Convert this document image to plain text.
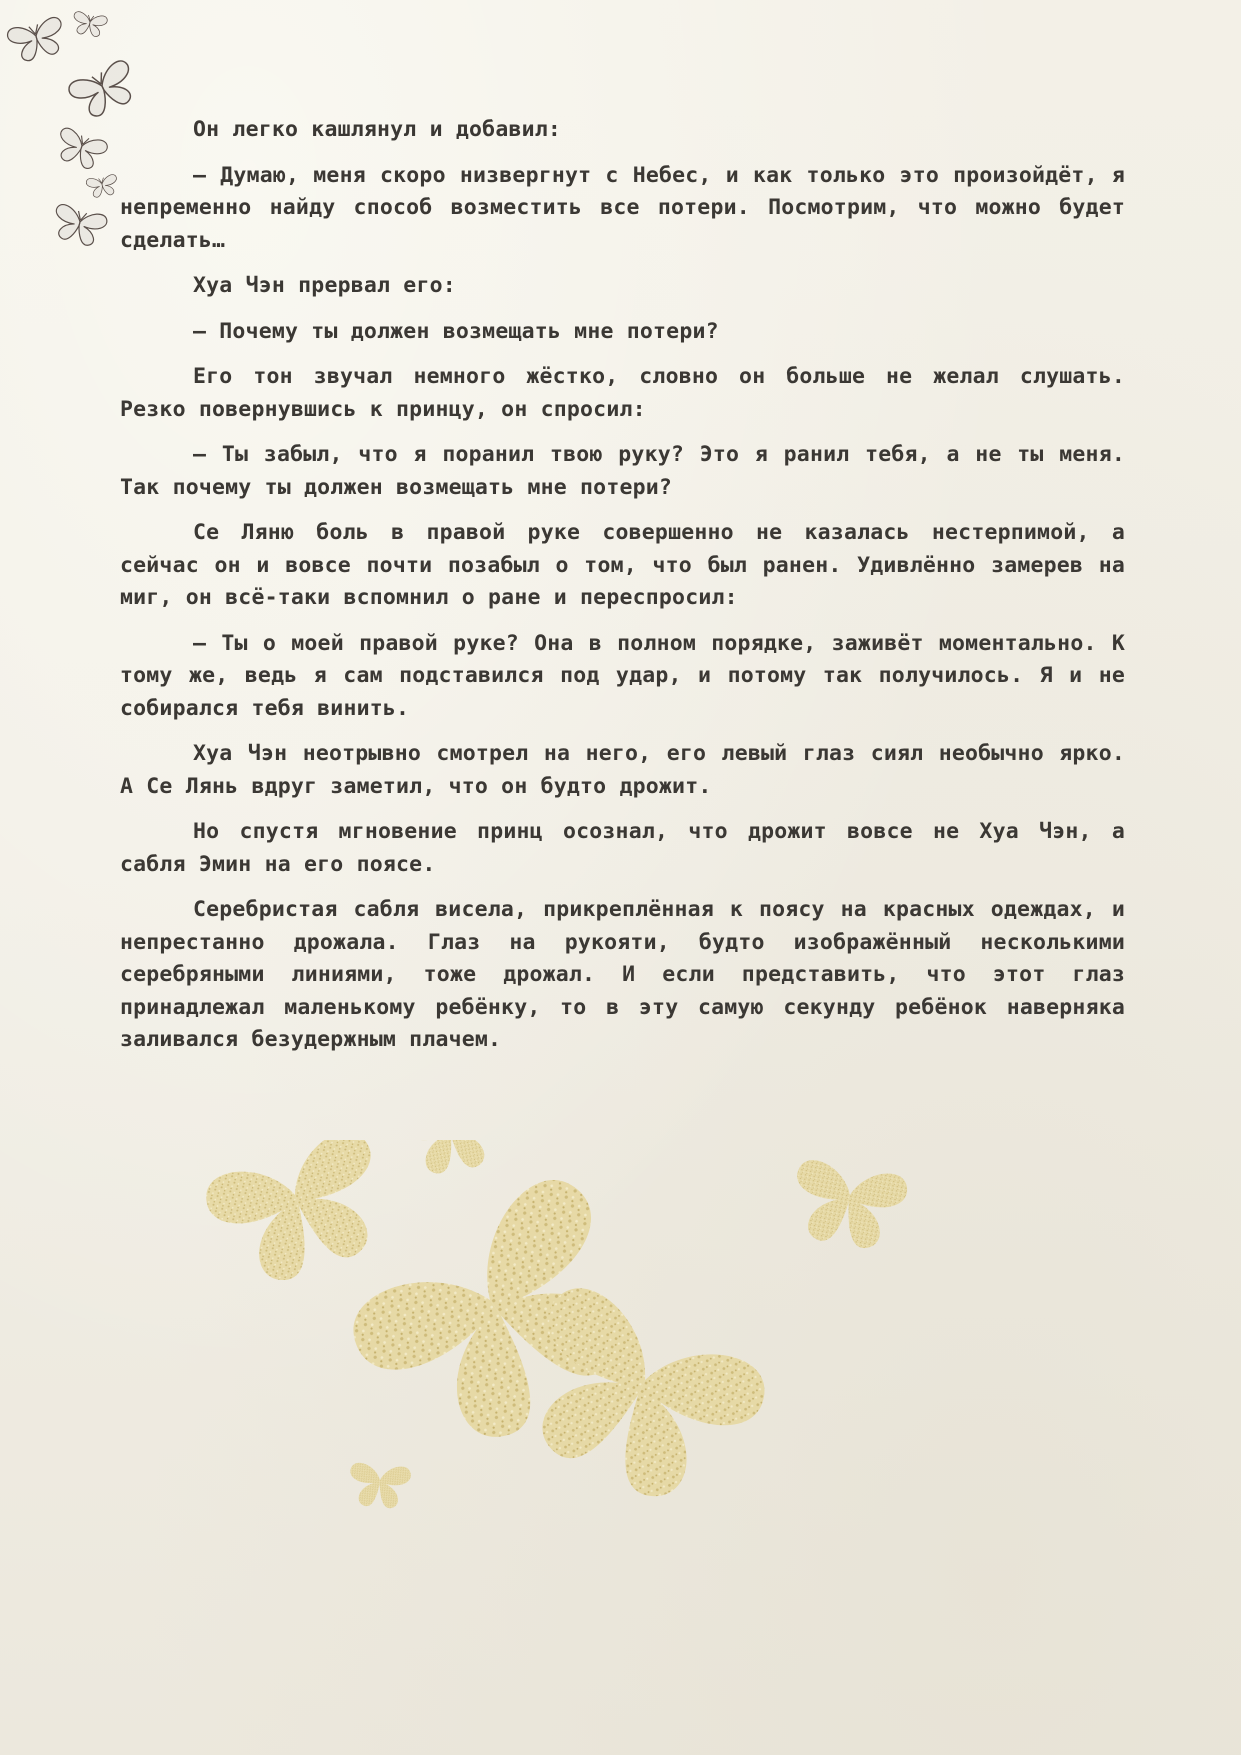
Он легко кашлянул и добавил:

— Думаю, меня скоро низвергнут с Небес, и как только это произойдёт, я непременно найду способ возместить все потери. Посмотрим, что можно будет сделать…

Хуа Чэн прервал его:

— Почему ты должен возмещать мне потери?

Его тон звучал немного жёстко, словно он больше не желал слушать. Резко повернувшись к принцу, он спросил:

— Ты забыл, что я поранил твою руку? Это я ранил тебя, а не ты меня. Так почему ты должен возмещать мне потери?

Се Ляню боль в правой руке совершенно не казалась нестерпимой, а сейчас он и вовсе почти позабыл о том, что был ранен. Удивлённо замерев на миг, он всё-таки вспомнил о ране и переспросил:

— Ты о моей правой руке? Она в полном порядке, заживёт моментально. К тому же, ведь я сам подставился под удар, и потому так получилось. Я и не собирался тебя винить.

Хуа Чэн неотрывно смотрел на него, его левый глаз сиял необычно ярко. А Се Лянь вдруг заметил, что он будто дрожит.

Но спустя мгновение принц осознал, что дрожит вовсе не Хуа Чэн, а сабля Эмин на его поясе.

Серебристая сабля висела, прикреплённая к поясу на красных одеждах, и непрестанно дрожала. Глаз на рукояти, будто изображённый несколькими серебряными линиями, тоже дрожал. И если представить, что этот глаз принадлежал маленькому ребёнку, то в эту самую секунду ребёнок наверняка заливался безудержным плачем.
